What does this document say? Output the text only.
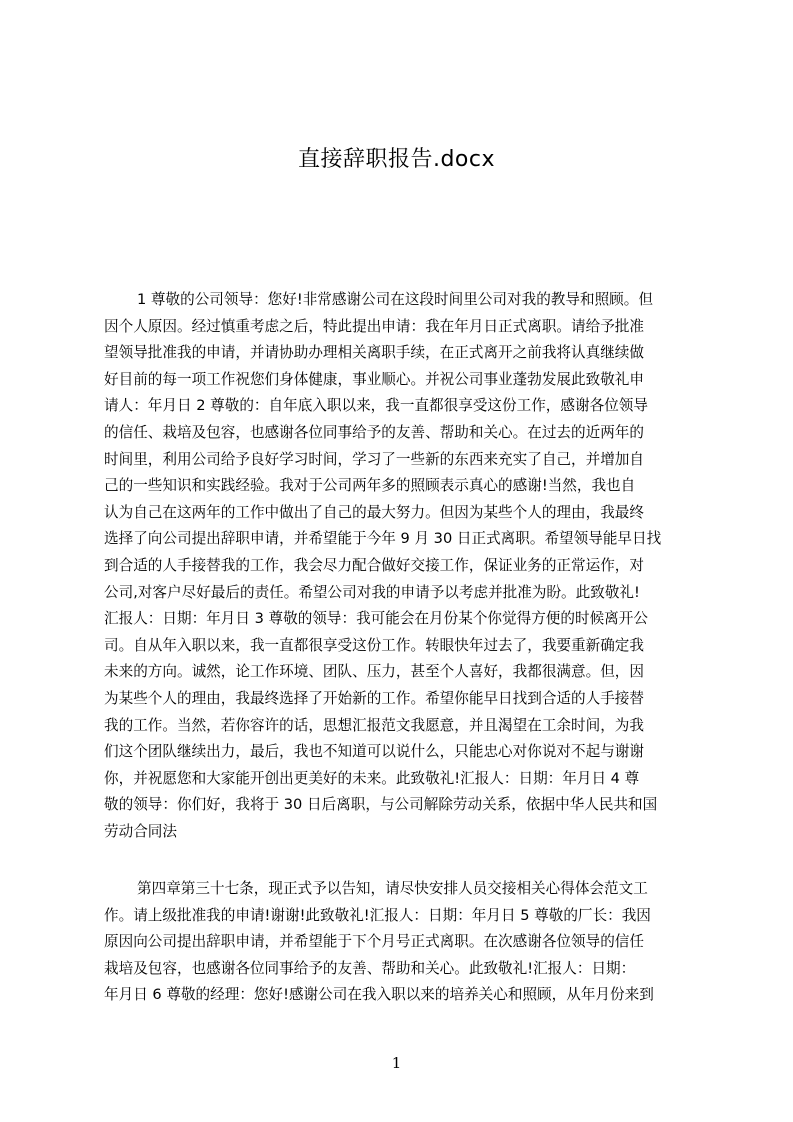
直接辞职报告.docx
1 尊敬的公司领导：您好!非常感谢公司在这段时间里公司对我的教导和照顾。但
因个人原因。经过慎重考虑之后，特此提出申请：我在年月日正式离职。请给予批准
望领导批准我的申请，并请协助办理相关离职手续，在正式离开之前我将认真继续做
好目前的每一项工作祝您们身体健康，事业顺心。并祝公司事业蓬勃发展此致敬礼申
请人：年月日 2 尊敬的：自年底入职以来，我一直都很享受这份工作，感谢各位领导
的信任、栽培及包容，也感谢各位同事给予的友善、帮助和关心。在过去的近两年的
时间里，利用公司给予良好学习时间，学习了一些新的东西来充实了自己，并增加自
己的一些知识和实践经验。我对于公司两年多的照顾表示真心的感谢!当然，我也自
认为自己在这两年的工作中做出了自己的最大努力。但因为某些个人的理由，我最终
选择了向公司提出辞职申请，并希望能于今年 9 月 30 日正式离职。希望领导能早日找
到合适的人手接替我的工作，我会尽力配合做好交接工作，保证业务的正常运作，对
公司,对客户尽好最后的责任。希望公司对我的申请予以考虑并批准为盼。此致敬礼!
汇报人：日期：年月日 3 尊敬的领导：我可能会在月份某个你觉得方便的时候离开公
司。自从年入职以来，我一直都很享受这份工作。转眼快年过去了，我要重新确定我
未来的方向。诚然，论工作环境、团队、压力，甚至个人喜好，我都很满意。但，因
为某些个人的理由，我最终选择了开始新的工作。希望你能早日找到合适的人手接替
我的工作。当然，若你容许的话，思想汇报范文我愿意，并且渴望在工余时间，为我
们这个团队继续出力，最后，我也不知道可以说什么，只能忠心对你说对不起与谢谢
你，并祝愿您和大家能开创出更美好的未来。此致敬礼!汇报人：日期：年月日 4 尊
敬的领导：你们好，我将于 30 日后离职，与公司解除劳动关系，依据中华人民共和国
劳动合同法
第四章第三十七条，现正式予以告知，请尽快安排人员交接相关心得体会范文工
作。请上级批准我的申请!谢谢!此致敬礼!汇报人：日期：年月日 5 尊敬的厂长：我因
原因向公司提出辞职申请，并希望能于下个月号正式离职。在次感谢各位领导的信任
栽培及包容，也感谢各位同事给予的友善、帮助和关心。此致敬礼!汇报人：日期：
年月日 6 尊敬的经理：您好!感谢公司在我入职以来的培养关心和照顾，从年月份来到
1
